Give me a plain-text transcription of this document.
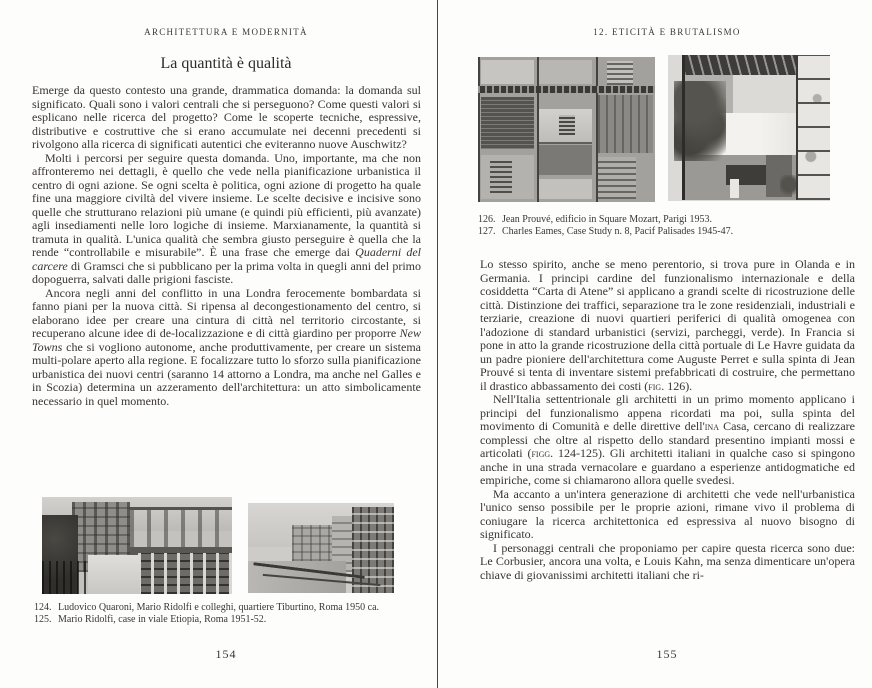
ARCHITETTURA E MODERNITÀ
La quantità è qualità

Emerge da questo contesto una grande, drammatica domanda: la domanda sul significato. Quali sono i valori centrali che si perseguono? Come questi valori si esplicano nelle ricerca del progetto? Come le scoperte tecniche, espressive, distributive e costruttive che si erano accumulate nei decenni precedenti si rivolgono alla ricerca di significati autentici che eviteranno nuove Auschwitz?

Molti i percorsi per seguire questa domanda. Uno, importante, ma che non affronteremo nei dettagli, è quello che vede nella pianificazione urbanistica il centro di ogni azione. Se ogni scelta è politica, ogni azione di progetto ha quale fine una maggiore civiltà del vivere insieme. Le scelte decisive e incisive sono quelle che strutturano relazioni più umane (e quindi più efficienti, più avanzate) agli insediamenti nelle loro logiche di insieme. Marxianamente, la quantità si tramuta in qualità. L'unica qualità che sembra giusto perseguire è quella che la rende “controllabile e misurabile”. È una frase che emerge dai Quaderni del carcere di Gramsci che si pubblicano per la prima volta in quegli anni del primo dopoguerra, salvati dalle prigioni fasciste.

Ancora negli anni del conflitto in una Londra ferocemente bombardata si fanno piani per la nuova città. Si ripensa al decongestionamento del centro, si elaborano idee per creare una cintura di città nel territorio circostante, si recuperano alcune idee di de-localizzazione e di città giardino per proporre New Towns che si vogliono autonome, anche produttivamente, per creare un sistema multi-polare aperto alla regione. E focalizzare tutto lo sforzo sulla pianificazione urbanistica dei nuovi centri (saranno 14 attorno a Londra, ma anche nel Galles e in Scozia) determina un azzeramento dell'architettura: un atto simbolicamente necessario in quel momento.

124. Ludovico Quaroni, Mario Ridolfi e colleghi, quartiere Tiburtino, Roma 1950 ca.
125. Mario Ridolfi, case in viale Etiopia, Roma 1951-52.
154
12. ETICITÀ E BRUTALISMO
126. Jean Prouvé, edificio in Square Mozart, Parigi 1953.
127. Charles Eames, Case Study n. 8, Pacif Palisades 1945-47.

Lo stesso spirito, anche se meno perentorio, si trova pure in Olanda e in Germania. I principi cardine del funzionalismo internazionale e della cosiddetta “Carta di Atene” si applicano a grandi scelte di ricostruzione delle città. Distinzione dei traffici, separazione tra le zone residenziali, industriali e terziarie, creazione di nuovi quartieri periferici di qualità omogenea con l'adozione di standard urbanistici (servizi, parcheggi, verde). In Francia si pone in atto la grande ricostruzione della città portuale di Le Havre guidata da un padre pioniere dell'architettura come Auguste Perret e sulla spinta di Jean Prouvé si tenta di inventare sistemi prefabbricati di costruire, che permettano il drastico abbassamento dei costi (fig. 126).

Nell'Italia settentrionale gli architetti in un primo momento applicano i principi del funzionalismo appena ricordati ma poi, sulla spinta del movimento di Comunità e delle direttive dell'ina Casa, cercano di realizzare complessi che oltre al rispetto dello standard presentino impianti mossi e articolati (figg. 124-125). Gli architetti italiani in qualche caso si spingono anche in una strada vernacolare e guardano a esperienze antidogmatiche ed empiriche, come si chiamarono allora quelle svedesi.

Ma accanto a un'intera generazione di architetti che vede nell'urbanistica l'unico senso possibile per le proprie azioni, rimane vivo il problema di coniugare la ricerca architettonica ed espressiva al nuovo bisogno di significato.

I personaggi centrali che proponiamo per capire questa ricerca sono due: Le Corbusier, ancora una volta, e Louis Kahn, ma senza dimenticare un'opera chiave di giovanissimi architetti italiani che ri-

155
